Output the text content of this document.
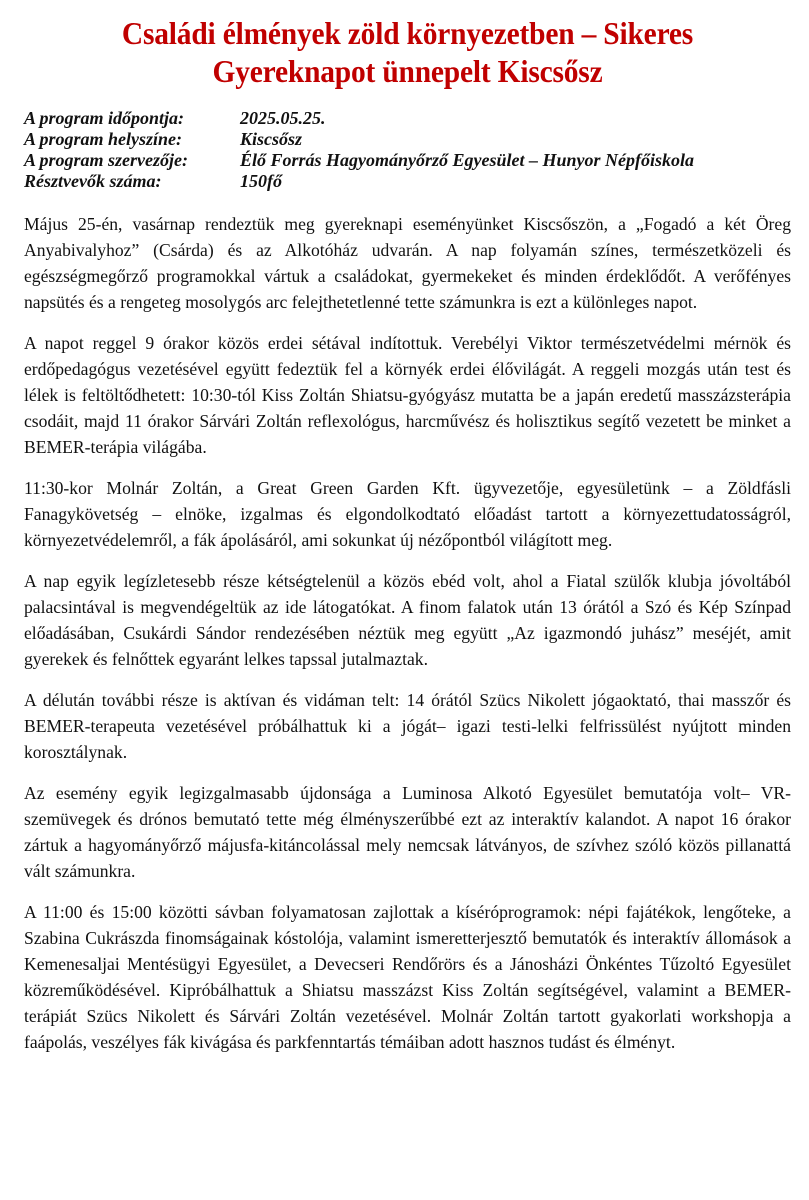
Családi élmények zöld környezetben – Sikeres
Gyereknapot ünnepelt Kiscsősz
A program időpontja:	2025.05.25.
A program helyszíne:	Kiscsősz
A program szervezője:	Élő Forrás Hagyományőrző Egyesület – Hunyor Népfőiskola
Résztvevők száma:	150fő

Május 25-én, vasárnap rendeztük meg gyereknapi eseményünket Kiscsőszön, a „Fogadó a két Öreg Anyabivalyhoz” (Csárda) és az Alkotóház udvarán. A nap folyamán színes, természetközeli és egészségmegőrző programokkal vártuk a családokat, gyermekeket és minden érdeklődőt. A verőfényes napsütés és a rengeteg mosolygós arc felejthetetlenné tette számunkra is ezt a különleges napot.

A napot reggel 9 órakor közös erdei sétával indítottuk. Verebélyi Viktor természetvédelmi mérnök és erdőpedagógus vezetésével együtt fedeztük fel a környék erdei élővilágát. A reggeli mozgás után test és lélek is feltöltődhetett: 10:30-tól Kiss Zoltán Shiatsu-gyógyász mutatta be a japán eredetű masszázsterápia csodáit, majd 11 órakor Sárvári Zoltán reflexológus, harcművész és holisztikus segítő vezetett be minket a BEMER-terápia világába.

11:30-kor Molnár Zoltán, a Great Green Garden Kft. ügyvezetője, egyesületünk – a Zöldfásli Fanagykövetség – elnöke, izgalmas és elgondolkodtató előadást tartott a környezettudatosságról, környezetvédelemről, a fák ápolásáról, ami sokunkat új nézőpontból világított meg.

A nap egyik legízletesebb része kétségtelenül a közös ebéd volt, ahol a Fiatal szülők klubja jóvoltából palacsintával is megvendégeltük az ide látogatókat. A finom falatok után 13 órától a Szó és Kép Színpad előadásában, Csukárdi Sándor rendezésében néztük meg együtt „Az igazmondó juhász” meséjét, amit gyerekek és felnőttek egyaránt lelkes tapssal jutalmaztak.

A délután további része is aktívan és vidáman telt: 14 órától Szücs Nikolett jógaoktató, thai masszőr és BEMER-terapeuta vezetésével próbálhattuk ki a jógát– igazi testi-lelki felfrissülést nyújtott minden korosztálynak.

Az esemény egyik legizgalmasabb újdonsága a Luminosa Alkotó Egyesület bemutatója volt– VR-szemüvegek és drónos bemutató tette még élményszerűbbé ezt az interaktív kalandot. A napot 16 órakor zártuk a hagyományőrző májusfa-kitáncolással mely nemcsak látványos, de szívhez szóló közös pillanattá vált számunkra.

A 11:00 és 15:00 közötti sávban folyamatosan zajlottak a kíséróprogramok: népi fajátékok, lengőteke, a Szabina Cukrászda finomságainak kóstolója, valamint ismeretterjesztő bemutatók és interaktív állomások a Kemenesaljai Mentésügyi Egyesület, a Devecseri Rendőrörs és a Jánosházi Önkéntes Tűzoltó Egyesület közreműködésével. Kipróbálhattuk a Shiatsu masszázst Kiss Zoltán segítségével, valamint a BEMER-terápiát Szücs Nikolett és Sárvári Zoltán vezetésével. Molnár Zoltán tartott gyakorlati workshopja a faápolás, veszélyes fák kivágása és parkfenntartás témáiban adott hasznos tudást és élményt.
